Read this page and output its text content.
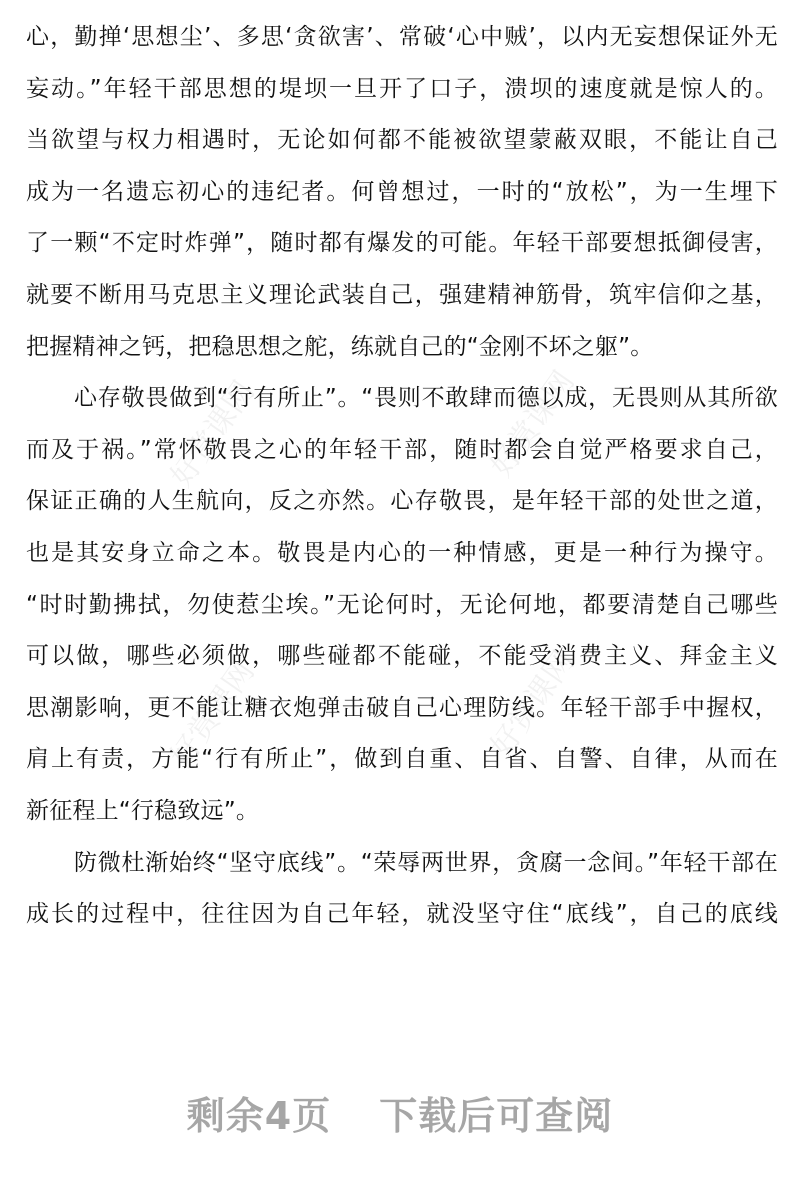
好赏课网	好赏课网
好赏课网	好赏课网
心，勤掸‘思想尘’、多思‘贪欲害’、常破‘心中贼’，以内无妄想保证外无
妄动。”年轻干部思想的堤坝一旦开了口子，溃坝的速度就是惊人的。
当欲望与权力相遇时，无论如何都不能被欲望蒙蔽双眼，不能让自己
成为一名遗忘初心的违纪者。何曾想过，一时的“放松”，为一生埋下
了一颗“不定时炸弹”，随时都有爆发的可能。年轻干部要想抵御侵害，
就要不断用马克思主义理论武装自己，强建精神筋骨，筑牢信仰之基，
把握精神之钙，把稳思想之舵，练就自己的“金刚不坏之躯”。
心存敬畏做到“行有所止”。“畏则不敢肆而德以成，无畏则从其所欲
而及于祸。”常怀敬畏之心的年轻干部，随时都会自觉严格要求自己，
保证正确的人生航向，反之亦然。心存敬畏，是年轻干部的处世之道，
也是其安身立命之本。敬畏是内心的一种情感，更是一种行为操守。
“时时勤拂拭，勿使惹尘埃。”无论何时，无论何地，都要清楚自己哪些
可以做，哪些必须做，哪些碰都不能碰，不能受消费主义、拜金主义
思潮影响，更不能让糖衣炮弹击破自己心理防线。年轻干部手中握权，
肩上有责，方能“行有所止”，做到自重、自省、自警、自律，从而在
新征程上“行稳致远”。
防微杜渐始终“坚守底线”。“荣辱两世界，贪腐一念间。”年轻干部在
成长的过程中，往往因为自己年轻，就没坚守住“底线”，自己的底线
剩余4页 下载后可查阅
